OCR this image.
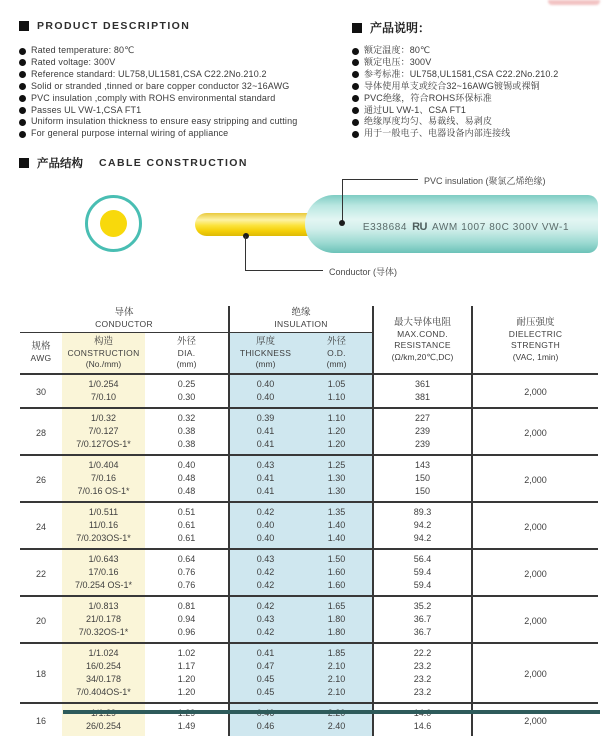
PRODUCT DESCRIPTION	产品说明：
Rated temperature: 80℃
Rated voltage: 300V
Reference standard: UL758,UL1581,CSA C22.2No.210.2
Solid or stranded ,tinned or bare copper conductor 32~16AWG
PVC insulation ,comply with ROHS environmental standard
Passes UL VW-1,CSA FT1
Uniform insulation thickness to ensure easy stripping and cutting
For general purpose internal wiring of appliance
额定温度：80℃
额定电压：300V
参考标准：UL758,UL1581,CSA C22.2No.210.2
导体使用单支或绞合32~16AWG镀锡或裸铜
PVC绝缘，符合ROHS环保标准
通过UL VW-1、CSA FT1
绝缘厚度均匀、易裁线、易剥皮
用于一般电子、电器设备内部连接线
产品结构 CABLE CONSTRUCTION
E338684 RU AWM 1007 80C 300V VW-1
PVC insulation (聚氯乙烯绝缘)
Conductor (导体)
导体
CONDUCTOR

绝缘
INSULATION	最大导体电阻
MAX.COND.
RESISTANCE
(Ω/km,20℃,DC)

耐压强度
DIELECTRIC
STRENGTH
(VAC, 1min)

规格
AWG

构造
CONSTRUCTION
(No./mm)

外径
DIA.
(mm)

厚度
THICKNESS
(mm)

外径
O.D.
(mm)

30	1/0.254	0.25	0.40	1.05	361	2,000
	7/0.10	0.30	0.40	1.10	381	
28	1/0.32	0.32	0.39	1.10	227	2,000
	7/0.127	0.38	0.41	1.20	239	
	7/0.127OS-1*	0.38	0.41	1.20	239	
26	1/0.404	0.40	0.43	1.25	143	2,000
	7/0.16	0.48	0.41	1.30	150	
	7/0.16 OS-1*	0.48	0.41	1.30	150	
24	1/0.511	0.51	0.42	1.35	89.3	2,000
	11/0.16	0.61	0.40	1.40	94.2	
	7/0.203OS-1*	0.61	0.40	1.40	94.2	
22	1/0.643	0.64	0.43	1.50	56.4	2,000
	17/0.16	0.76	0.42	1.60	59.4	
	7/0.254 OS-1*	0.76	0.42	1.60	59.4	
20	1/0.813	0.81	0.42	1.65	35.2	2,000
	21/0.178	0.94	0.43	1.80	36.7	
	7/0.32OS-1*	0.96	0.42	1.80	36.7	
18	1/1.024	1.02	0.41	1.85	22.2	2,000
	16/0.254	1.17	0.47	2.10	23.2	
	34/0.178	1.20	0.45	2.10	23.2	
	7/0.404OS-1*	1.20	0.45	2.10	23.2	
16						2,000
	26/0.254	1.49	0.46	2.40	14.6	
